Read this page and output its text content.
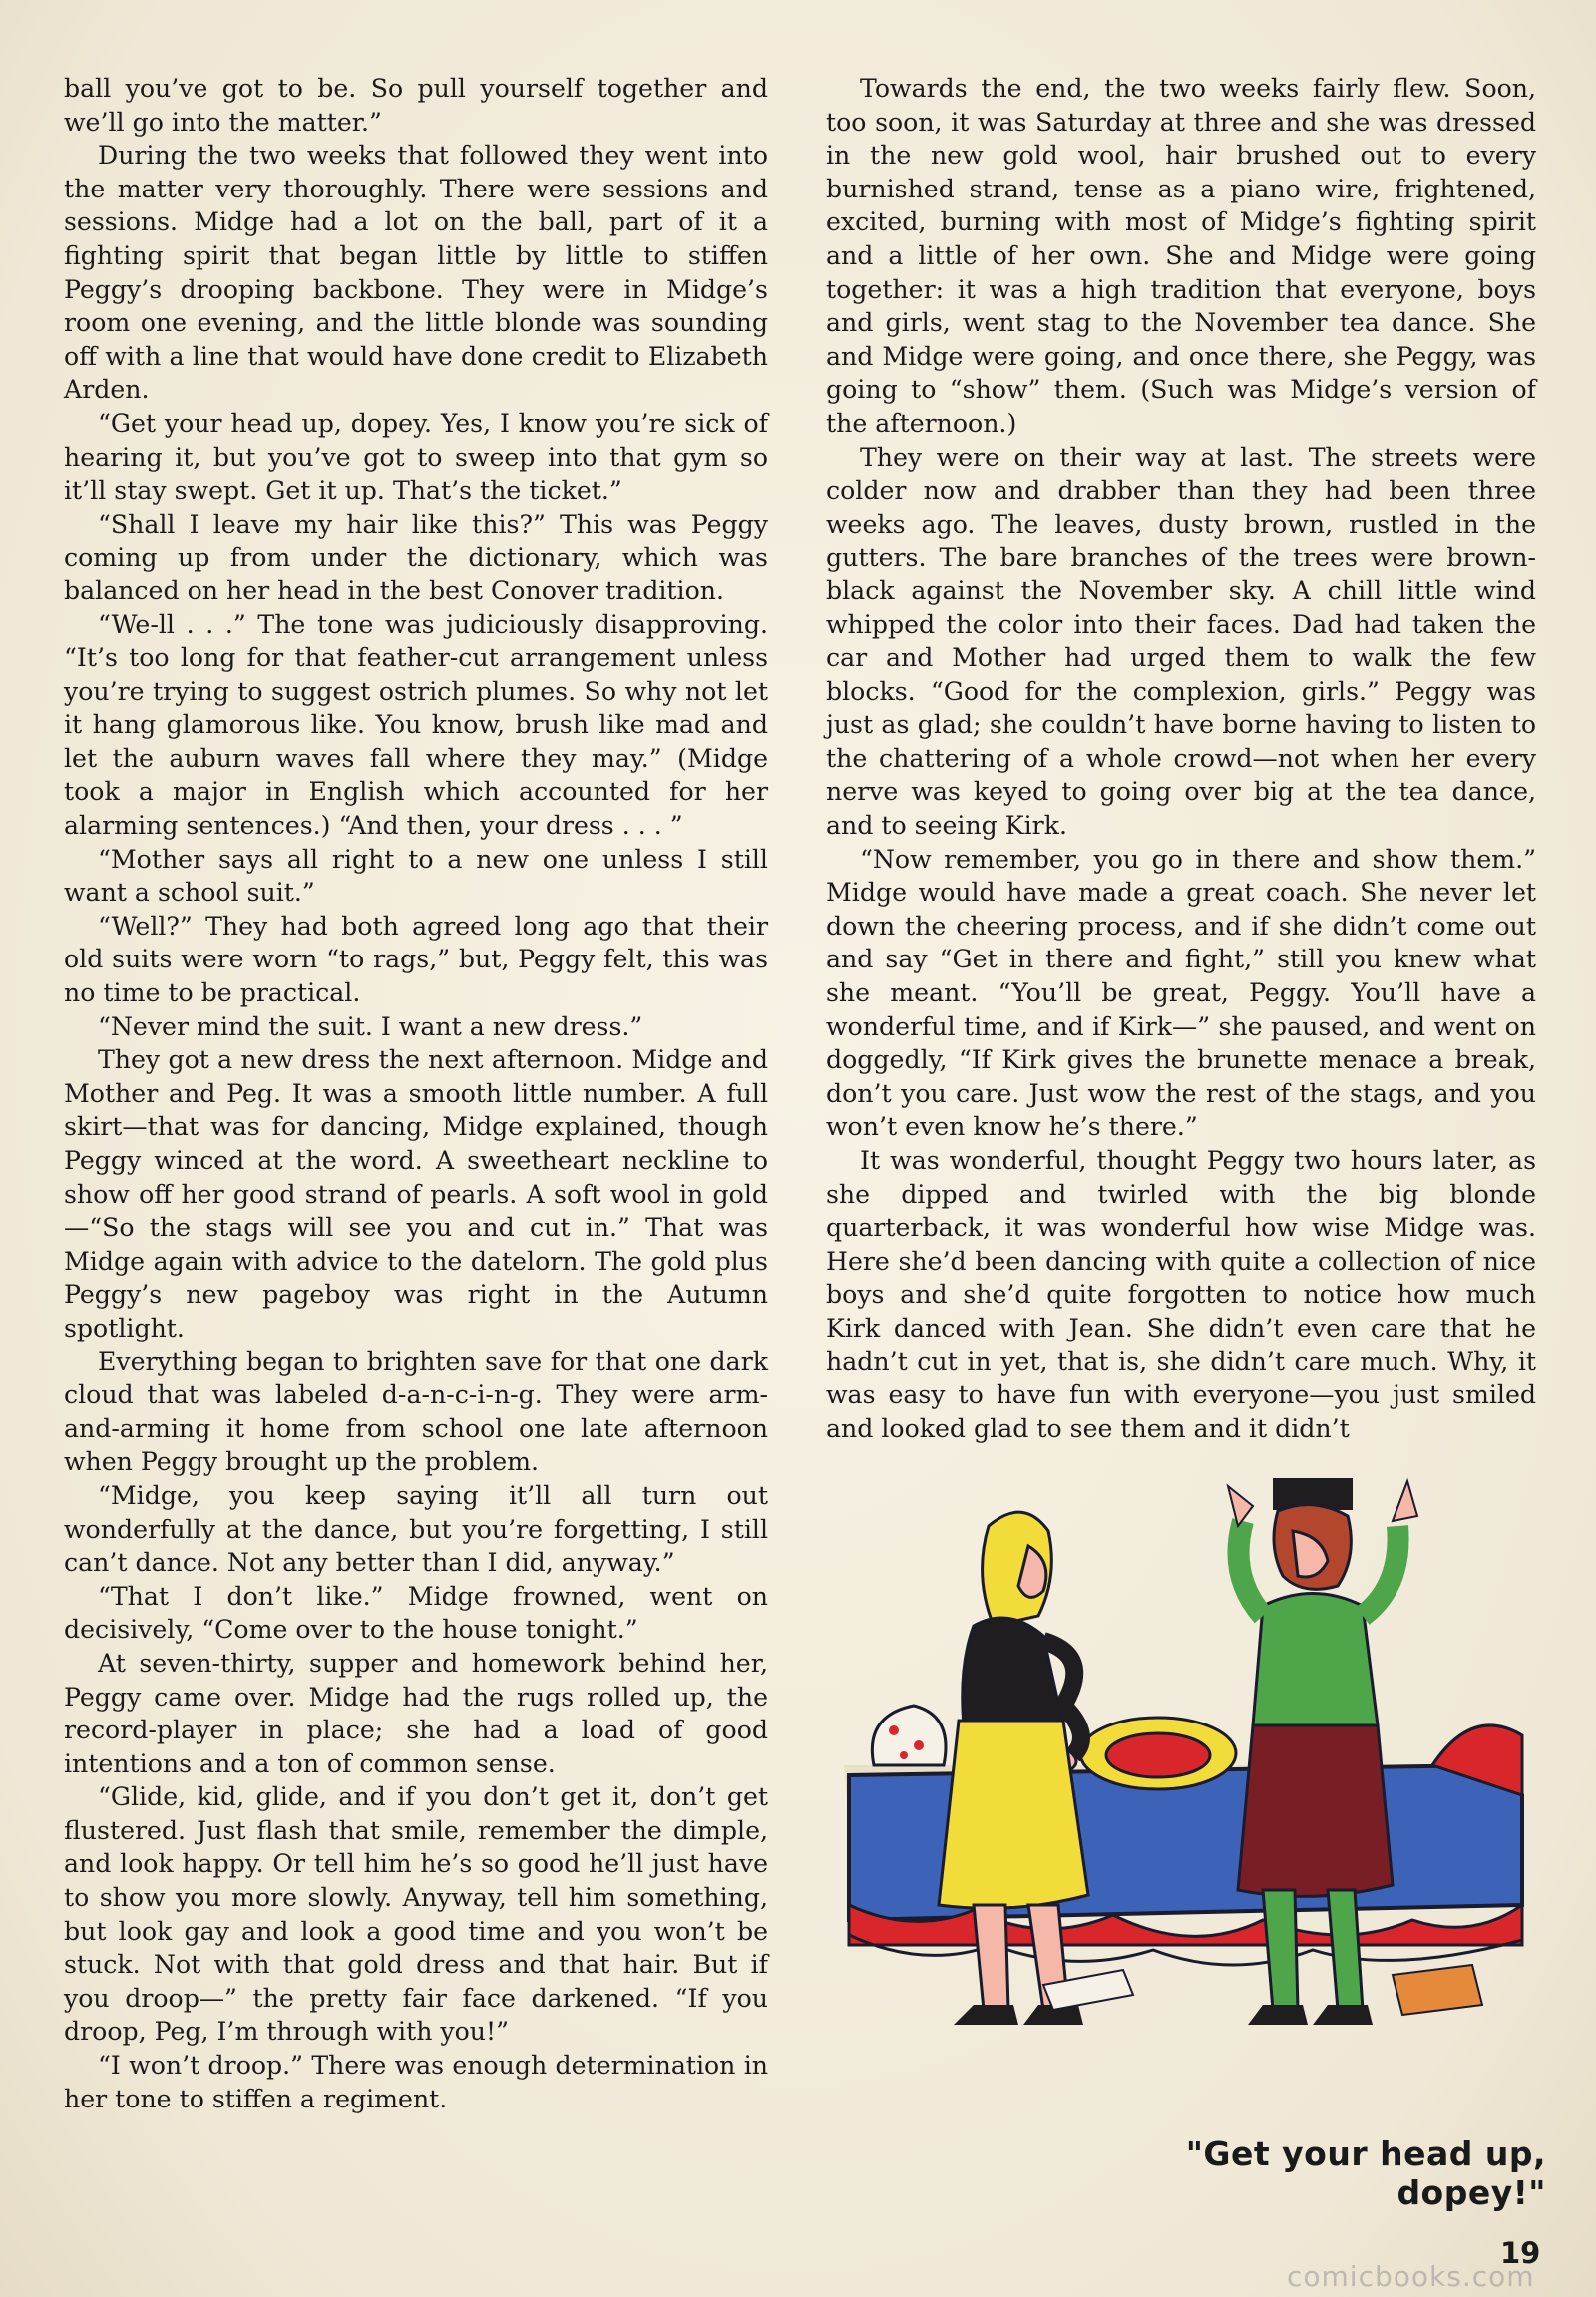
ball you’ve got to be. So pull yourself together and we’ll go into the matter.”

During the two weeks that followed they went into the matter very thoroughly. There were sessions and sessions. Midge had a lot on the ball, part of it a fighting spirit that began little by little to stiffen Peggy’s drooping backbone. They were in Midge’s room one evening, and the little blonde was sounding off with a line that would have done credit to Elizabeth Arden.

“Get your head up, dopey. Yes, I know you’re sick of hearing it, but you’ve got to sweep into that gym so it’ll stay swept. Get it up. That’s the ticket.”

“Shall I leave my hair like this?” This was Peggy coming up from under the dictionary, which was balanced on her head in the best Conover tradition.

“We-ll . . .” The tone was judiciously disapproving. “It’s too long for that feather-cut arrangement unless you’re trying to suggest ostrich plumes. So why not let it hang glamorous like. You know, brush like mad and let the auburn waves fall where they may.” (Midge took a major in English which accounted for her alarming sentences.) “And then, your dress . . . ”

“Mother says all right to a new one unless I still want a school suit.”

“Well?” They had both agreed long ago that their old suits were worn “to rags,” but, Peggy felt, this was no time to be practical.

“Never mind the suit. I want a new dress.”

They got a new dress the next afternoon. Midge and Mother and Peg. It was a smooth little number. A full skirt—that was for dancing, Midge explained, though Peggy winced at the word. A sweetheart neckline to show off her good strand of pearls. A soft wool in gold—“So the stags will see you and cut in.” That was Midge again with advice to the datelorn. The gold plus Peggy’s new pageboy was right in the Autumn spotlight.

Everything began to brighten save for that one dark cloud that was labeled d-a-n-c-i-n-g. They were arm-and-arming it home from school one late afternoon when Peggy brought up the problem.

“Midge, you keep saying it’ll all turn out wonderfully at the dance, but you’re forgetting, I still can’t dance. Not any better than I did, anyway.”

“That I don’t like.” Midge frowned, went on decisively, “Come over to the house tonight.”

At seven-thirty, supper and homework behind her, Peggy came over. Midge had the rugs rolled up, the record-player in place; she had a load of good intentions and a ton of common sense.

“Glide, kid, glide, and if you don’t get it, don’t get flustered. Just flash that smile, remember the dimple, and look happy. Or tell him he’s so good he’ll just have to show you more slowly. Anyway, tell him something, but look gay and look a good time and you won’t be stuck. Not with that gold dress and that hair. But if you droop—” the pretty fair face darkened. “If you droop, Peg, I’m through with you!”

“I won’t droop.” There was enough determination in her tone to stiffen a regiment.

Towards the end, the two weeks fairly flew. Soon, too soon, it was Saturday at three and she was dressed in the new gold wool, hair brushed out to every burnished strand, tense as a piano wire, frightened, excited, burning with most of Midge’s fighting spirit and a little of her own. She and Midge were going together: it was a high tradition that everyone, boys and girls, went stag to the November tea dance. She and Midge were going, and once there, she Peggy, was going to “show” them. (Such was Midge’s version of the afternoon.)

They were on their way at last. The streets were colder now and drabber than they had been three weeks ago. The leaves, dusty brown, rustled in the gutters. The bare branches of the trees were brown-black against the November sky. A chill little wind whipped the color into their faces. Dad had taken the car and Mother had urged them to walk the few blocks. “Good for the complexion, girls.” Peggy was just as glad; she couldn’t have borne having to listen to the chattering of a whole crowd—not when her every nerve was keyed to going over big at the tea dance, and to seeing Kirk.

“Now remember, you go in there and show them.” Midge would have made a great coach. She never let down the cheering process, and if she didn’t come out and say “Get in there and fight,” still you knew what she meant. “You’ll be great, Peggy. You’ll have a wonderful time, and if Kirk—” she paused, and went on doggedly, “If Kirk gives the brunette menace a break, don’t you care. Just wow the rest of the stags, and you won’t even know he’s there.”

It was wonderful, thought Peggy two hours later, as she dipped and twirled with the big blonde quarterback, it was wonderful how wise Midge was. Here she’d been dancing with quite a collection of nice boys and she’d quite forgotten to notice how much Kirk danced with Jean. She didn’t even care that he hadn’t cut in yet, that is, she didn’t care much. Why, it was easy to have fun with everyone—you just smiled and looked glad to see them and it didn’t

"Get your head up, dopey!"
comicbooks.com
19
